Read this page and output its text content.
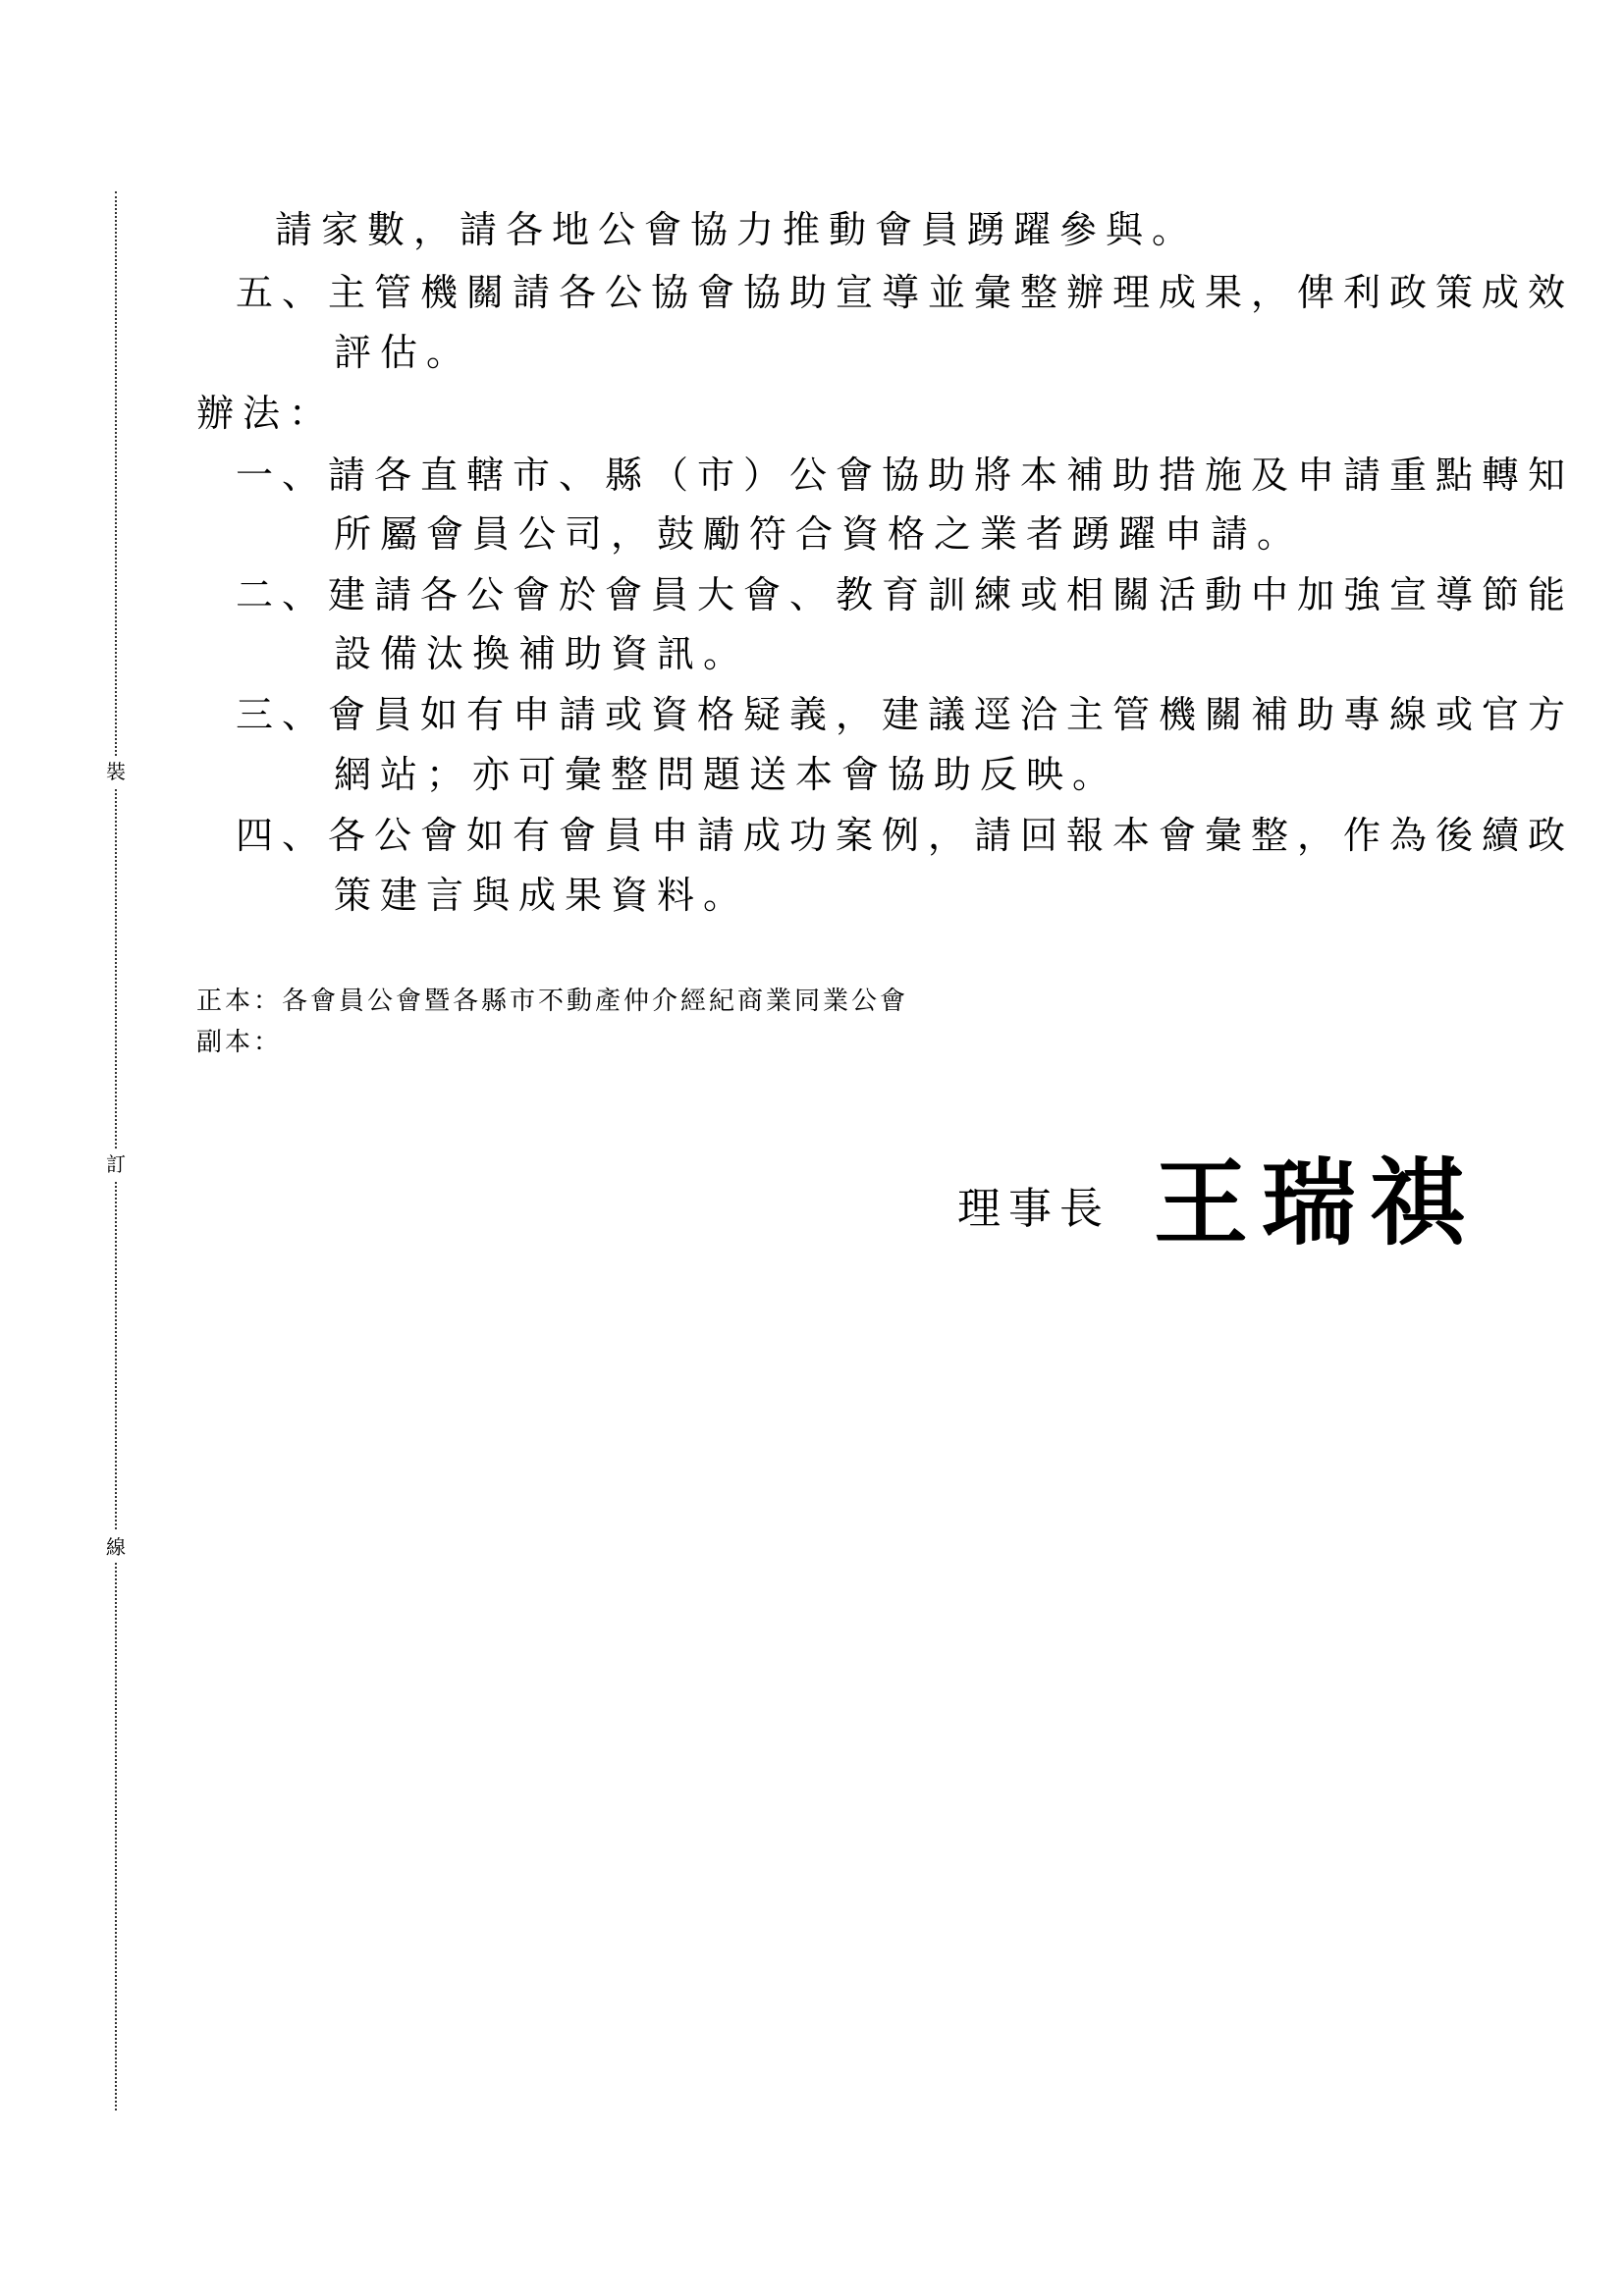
裝
訂
線
請家數，請各地公會協力推動會員踴躍參與。
五、主管機關請各公協會協助宣導並彙整辦理成果，俾利政策成效
評估。
辦法：
一、請各直轄市、縣（市）公會協助將本補助措施及申請重點轉知
所屬會員公司，鼓勵符合資格之業者踴躍申請。
二、建請各公會於會員大會、教育訓練或相關活動中加強宣導節能
設備汰換補助資訊。
三、會員如有申請或資格疑義，建議逕洽主管機關補助專線或官方
網站；亦可彙整問題送本會協助反映。
四、各公會如有會員申請成功案例，請回報本會彙整，作為後續政
策建言與成果資料。
正本：各會員公會暨各縣市不動產仲介經紀商業同業公會
副本：
理事長 王瑞祺
